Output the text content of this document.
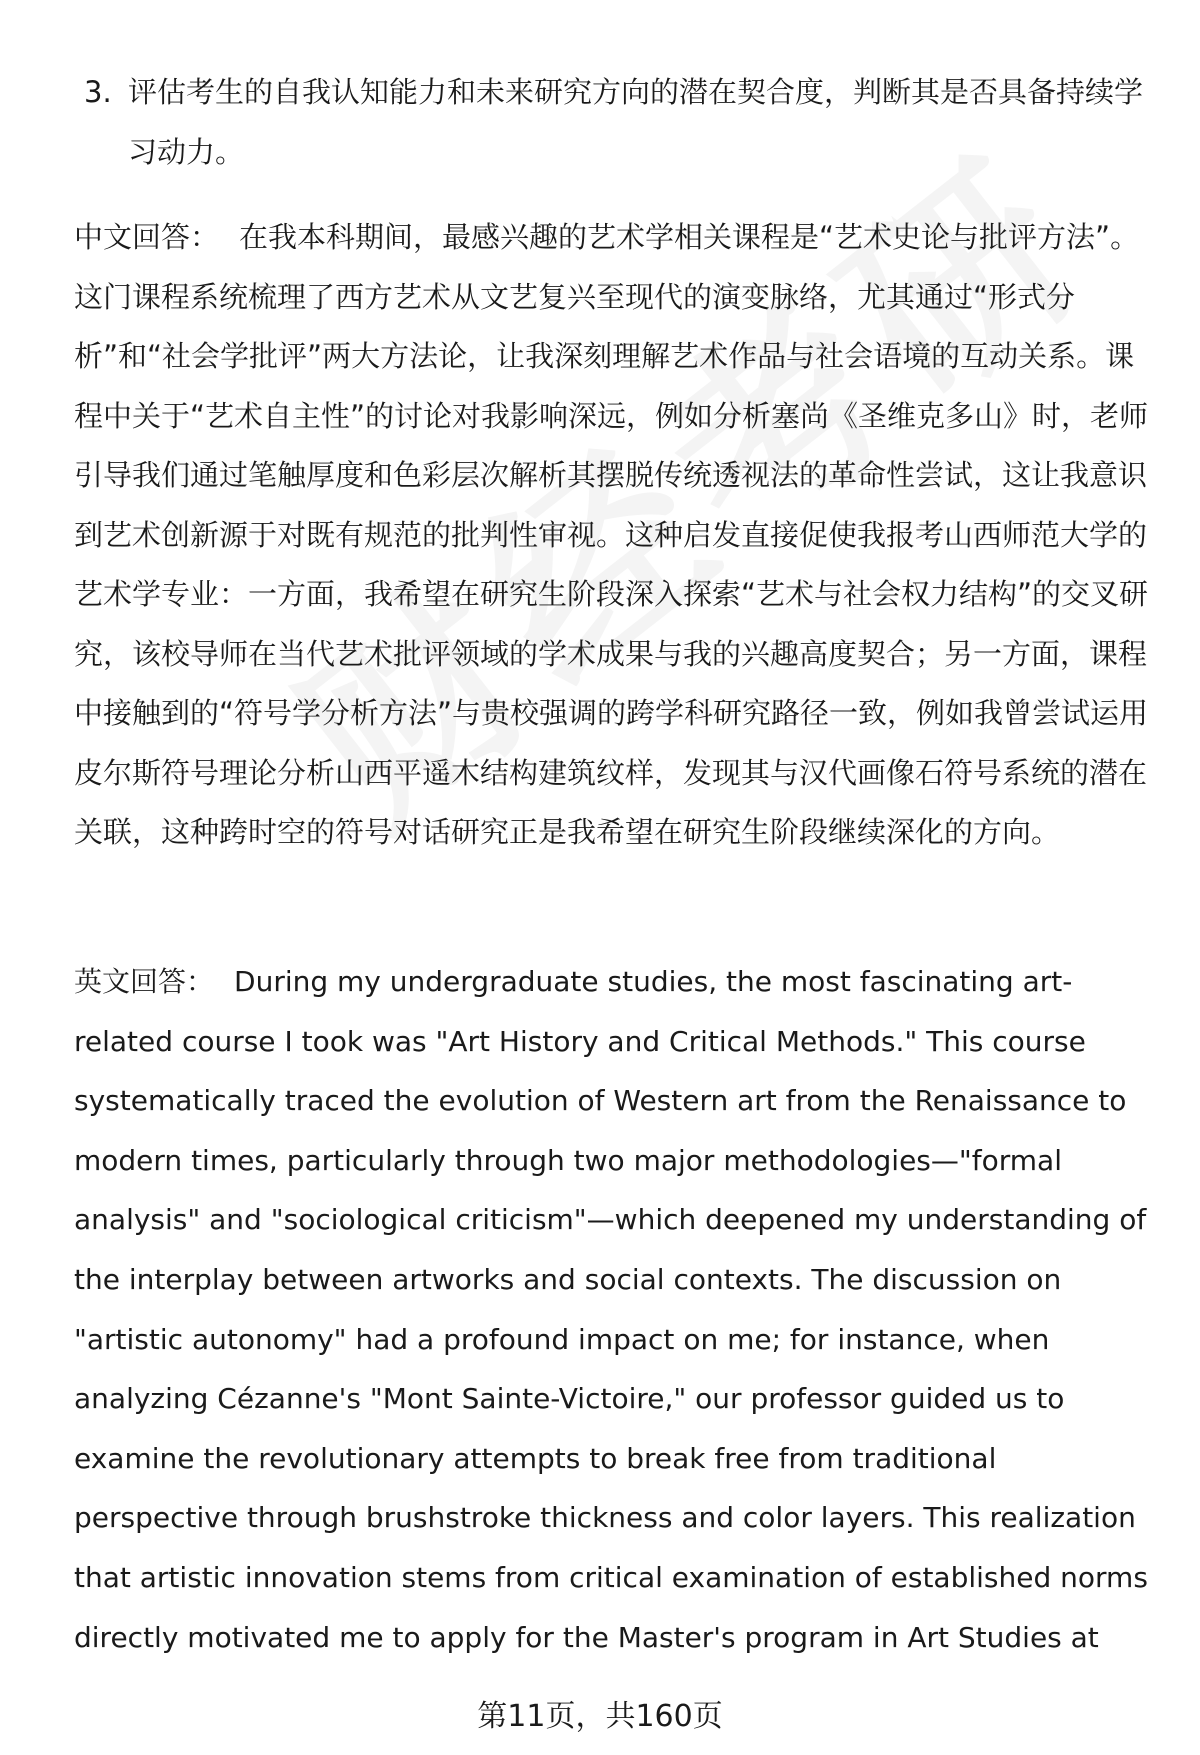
3. 评估考生的自我认知能力和未来研究方向的潜在契合度，判断其是否具备持续学习动力。
中文回答： 在我本科期间，最感兴趣的艺术学相关课程是“艺术史论与批评方法”。这门课程系统梳理了西方艺术从文艺复兴至现代的演变脉络，尤其通过“形式分析”和“社会学批评”两大方法论，让我深刻理解艺术作品与社会语境的互动关系。课程中关于“艺术自主性”的讨论对我影响深远，例如分析塞尚《圣维克多山》时，老师引导我们通过笔触厚度和色彩层次解析其摆脱传统透视法的革命性尝试，这让我意识到艺术创新源于对既有规范的批判性审视。这种启发直接促使我报考山西师范大学的艺术学专业：一方面，我希望在研究生阶段深入探索“艺术与社会权力结构”的交叉研究，该校导师在当代艺术批评领域的学术成果与我的兴趣高度契合；另一方面，课程中接触到的“符号学分析方法”与贵校强调的跨学科研究路径一致，例如我曾尝试运用皮尔斯符号理论分析山西平遥木结构建筑纹样，发现其与汉代画像石符号系统的潜在关联，这种跨时空的符号对话研究正是我希望在研究生阶段继续深化的方向。
英文回答： During my undergraduate studies, the most fascinating art-related course I took was "Art History and Critical Methods." This course systematically traced the evolution of Western art from the Renaissance to modern times, particularly through two major methodologies—"formal analysis" and "sociological criticism"—which deepened my understanding of the interplay between artworks and social contexts. The discussion on "artistic autonomy" had a profound impact on me; for instance, when analyzing Cézanne's "Mont Sainte-Victoire," our professor guided us to examine the revolutionary attempts to break free from traditional perspective through brushstroke thickness and color layers. This realization that artistic innovation stems from critical examination of established norms directly motivated me to apply for the Master's program in Art Studies at
第11页，共160页
